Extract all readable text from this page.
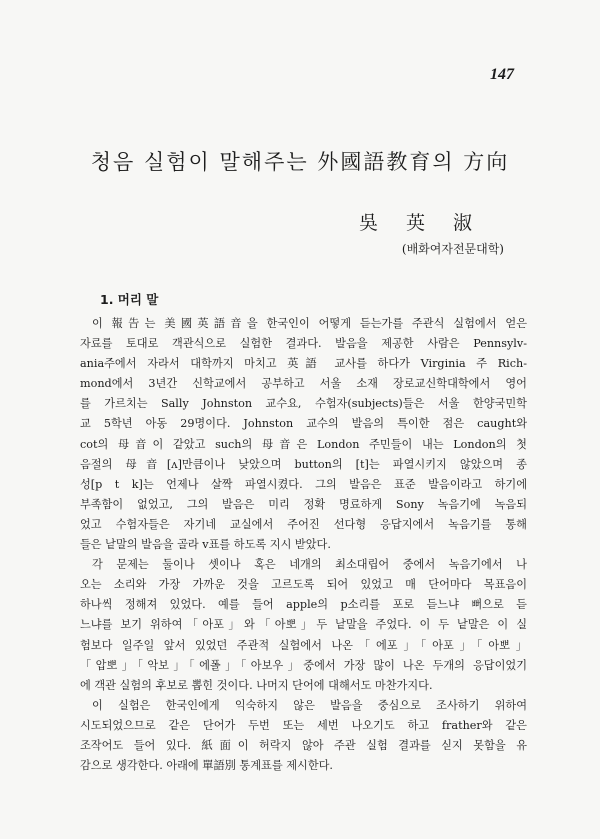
147
청음 실험이 말해주는 外國語教育의 方向

吳英淑

(배화여자전문대학)

1. 머리 말
이 報告는 美國英語音을 한국인이 어떻게 듣는가를 주관식 실험에서 얻은
자료를 토대로 객관식으로 실험한 결과다. 발음을 제공한 사람은 Pennsylv-
ania주에서 자라서 대학까지 마치고 英語 교사를 하다가 Virginia 주 Rich-
mond에서 3년간 신학교에서 공부하고 서울 소재 장로교신학대학에서 영어
를 가르치는 Sally Johnston 교수요, 수험자(subjects)들은 서울 한양국민학
교 5학년 아동 29명이다. Johnston 교수의 발음의 특이한 점은 caught와
cot의 母音이 같았고 such의 母音은 London 주민들이 내는 London의 첫
음절의 母音[ʌ]만큼이나 낮았으며 button의 [t]는 파열시키지 않았으며 종
성[p t k]는 언제나 살짝 파열시켰다. 그의 발음은 표준 발음이라고 하기에
부족함이 없었고, 그의 발음은 미리 정확 명료하게 Sony 녹음기에 녹음되
었고 수험자들은 자기네 교실에서 주어진 선다형 응답지에서 녹음기를 통해
들은 낱말의 발음을 골라 v표를 하도록 지시 받았다.
각 문제는 둘이나 셋이나 혹은 네개의 최소대립어 중에서 녹음기에서 나
오는 소리와 가장 가까운 것을 고르도록 되어 있었고 매 단어마다 목표음이
하나씩 정해져 있었다. 예를 들어 apple의 p소리를 포로 듣느냐 뻐으로 듣
느냐를 보기 위하여「아포」와「아뽀」두 낱말을 주었다. 이 두 낱말은 이 실
험보다 일주일 앞서 있었던 주관적 실험에서 나온「에포」「아포」「아뽀」
「압뽀」「악보」「에폴」「아보우」중에서 가장 많이 나온 두개의 응답이었기
에 객관 실험의 후보로 뽑힌 것이다. 나머지 단어에 대해서도 마찬가지다.
이 실험은 한국인에게 익숙하지 않은 발음을 중심으로 조사하기 위하여
시도되었으므로 같은 단어가 두번 또는 세번 나오기도 하고 frather와 같은
조작어도 들어 있다. 紙面이 허락지 않아 주관 실험 결과를 싣지 못함을 유
감으로 생각한다. 아래에 單語別 통계표를 제시한다.
